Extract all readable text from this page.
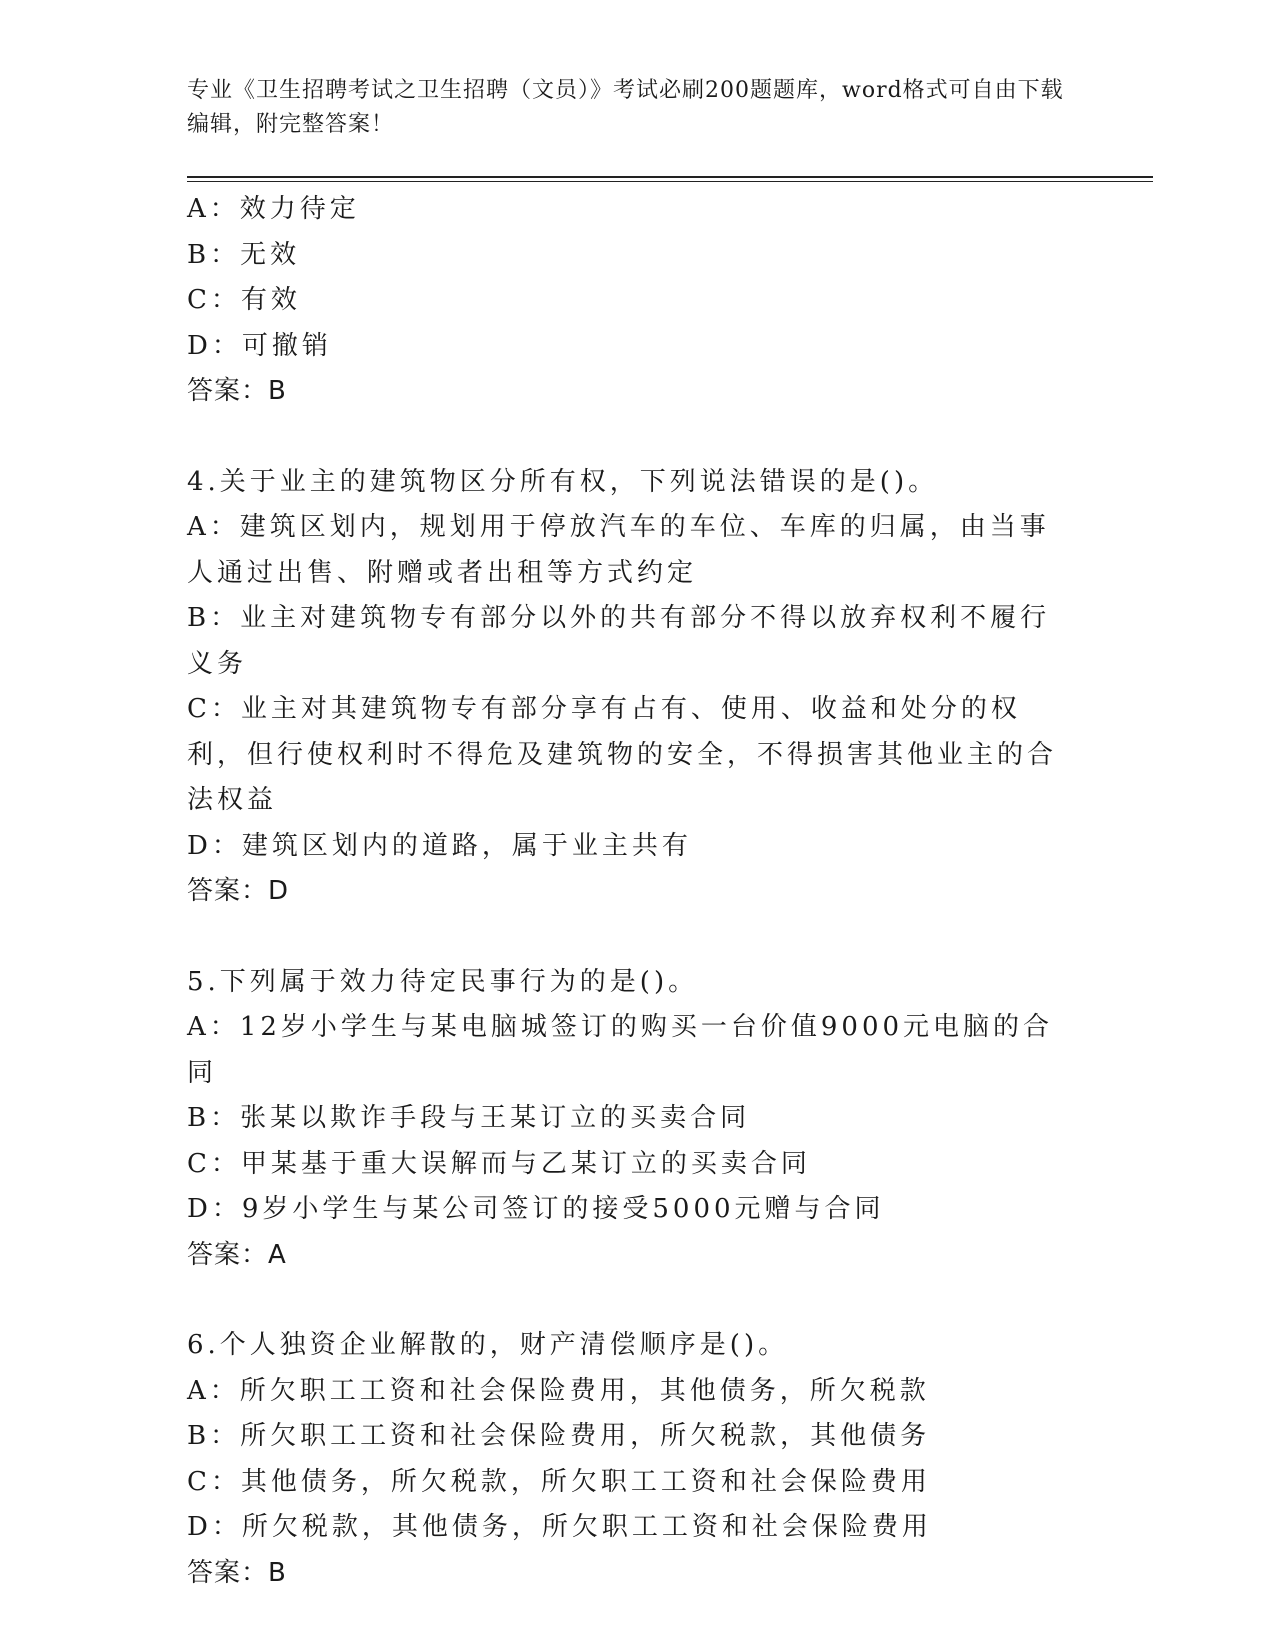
专业《卫生招聘考试之卫生招聘（文员）》考试必刷200题题库，word格式可自由下载编辑，附完整答案！
A：效力待定
B：无效
C：有效
D：可撤销
答案：B
4.关于业主的建筑物区分所有权，下列说法错误的是()。
A：建筑区划内，规划用于停放汽车的车位、车库的归属，由当事人通过出售、附赠或者出租等方式约定
B：业主对建筑物专有部分以外的共有部分不得以放弃权利不履行义务
C：业主对其建筑物专有部分享有占有、使用、收益和处分的权利，但行使权利时不得危及建筑物的安全，不得损害其他业主的合法权益
D：建筑区划内的道路，属于业主共有
答案：D
5.下列属于效力待定民事行为的是()。
A：12岁小学生与某电脑城签订的购买一台价值9000元电脑的合同
B：张某以欺诈手段与王某订立的买卖合同
C：甲某基于重大误解而与乙某订立的买卖合同
D：9岁小学生与某公司签订的接受5000元赠与合同
答案：A
6.个人独资企业解散的，财产清偿顺序是()。
A：所欠职工工资和社会保险费用，其他债务，所欠税款
B：所欠职工工资和社会保险费用，所欠税款，其他债务
C：其他债务，所欠税款，所欠职工工资和社会保险费用
D：所欠税款，其他债务，所欠职工工资和社会保险费用
答案：B
